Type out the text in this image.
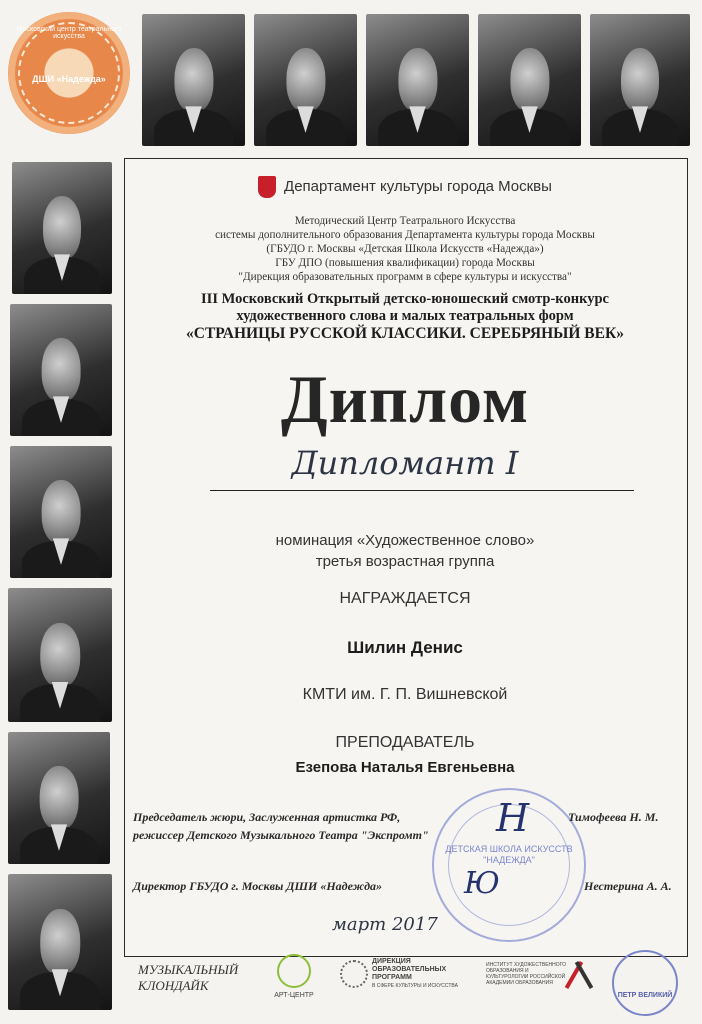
Московский центр театрального искусства
ДШИ «Надежда»
Департамент культуры города Москвы
Методический Центр Театрального Искусства
системы дополнительного образования Департамента культуры города Москвы
(ГБУДО г. Москвы «Детская Школа Искусств «Надежда»)
ГБУ ДПО (повышения квалификации) города Москвы
"Дирекция образовательных программ в сфере культуры и искусства"
III Московский Открытый детско-юношеский смотр-конкурс
художественного слова и малых театральных форм
«СТРАНИЦЫ РУССКОЙ КЛАССИКИ. СЕРЕБРЯНЫЙ ВЕК»
Диплом
Дипломант I
номинация «Художественное слово»
третья возрастная группа
НАГРАЖДАЕТСЯ
Шилин Денис
КМТИ им. Г. П. Вишневской
ПРЕПОДАВАТЕЛЬ
Езепова Наталья Евгеньевна
ДЕТСКАЯ ШКОЛА ИСКУССТВ "НАДЕЖДА"
Председатель жюри, Заслуженная артистка РФ,
режиссер Детского Музыкального Театра "Экспромт"
Тимофеева Н. М.
Н
Директор ГБУДО г. Москвы ДШИ «Надежда»	Нестерина А. А.
Ю
март 2017
МУЗЫКАЛЬНЫЙ КЛОНДАЙК
АРТ-ЦЕНТР
ДИРЕКЦИЯ
ОБРАЗОВАТЕЛЬНЫХ
ПРОГРАММ
В СФЕРЕ КУЛЬТУРЫ И ИСКУССТВА
ИНСТИТУТ ХУДОЖЕСТВЕННОГО ОБРАЗОВАНИЯ И КУЛЬТУРОЛОГИИ РОССИЙСКОЙ АКАДЕМИИ ОБРАЗОВАНИЯ
ПЕТР ВЕЛИКИЙ
